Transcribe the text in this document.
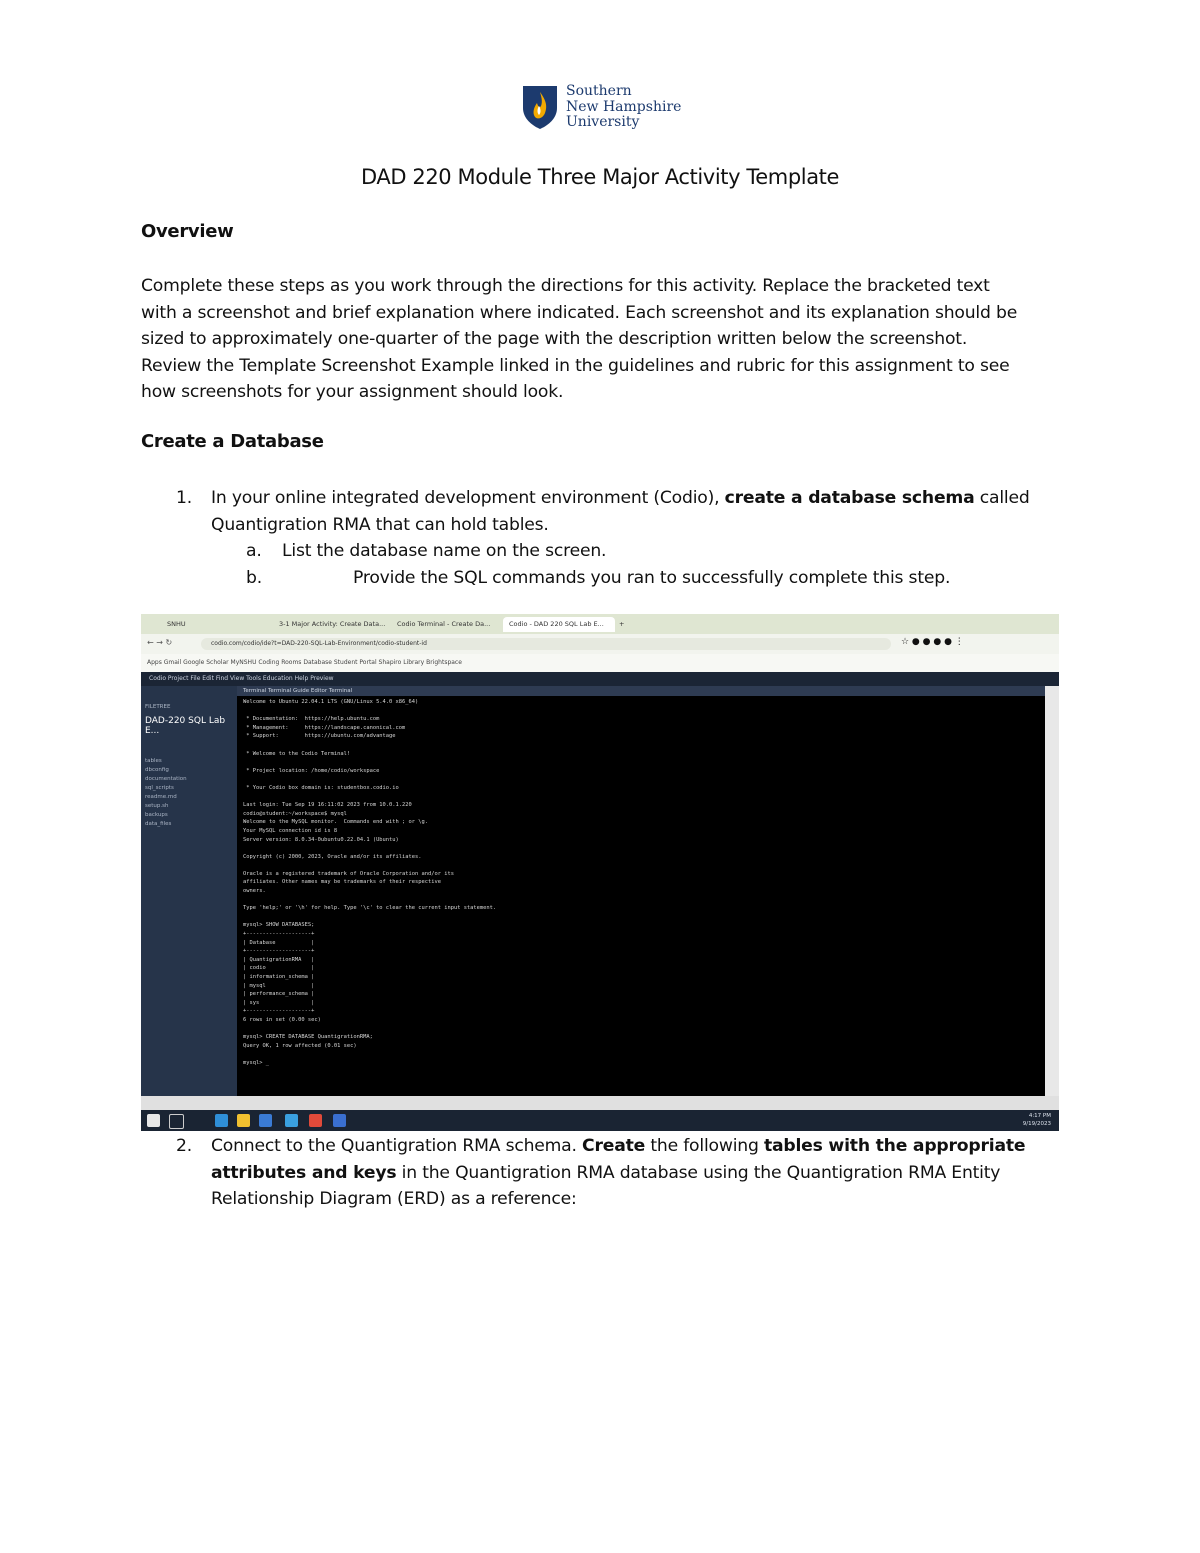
Southern
New Hampshire
University
DAD 220 Module Three Major Activity Template
Overview
Complete these steps as you work through the directions for this activity. Replace the bracketed text
with a screenshot and brief explanation where indicated. Each screenshot and its explanation should be
sized to approximately one-quarter of the page with the description written below the screenshot.
Review the Template Screenshot Example linked in the guidelines and rubric for this assignment to see
how screenshots for your assignment should look.
Create a Database
1. In your online integrated development environment (Codio), create a database schema called
Quantigration RMA that can hold tables.
a. List the database name on the screen.
b.	Provide the SQL commands you ran to successfully complete this step.
SNHU	3-1 Major Activity: Create Data...	Codio Terminal - Create Da...	Codio - DAD 220 SQL Lab E...	+
← → ↻	codio.com/codio/ide?t=DAD-220-SQL-Lab-Environment/codio-student-id	☆ ● ● ● ● ⋮
Apps Gmail Google Scholar MyNSHU Coding Rooms Database Student Portal Shapiro Library Brightspace
Codio Project File Edit Find View Tools Education Help Preview
FILETREE
DAD-220 SQL Lab E...
tables
dbconfig
documentation
sql_scripts
readme.md
setup.sh
backups
data_files
Terminal Terminal Guide Editor Terminal
Welcome to Ubuntu 22.04.1 LTS (GNU/Linux 5.4.0 x86_64)

* Documentation:  https://help.ubuntu.com
* Management:     https://landscape.canonical.com
* Support:        https://ubuntu.com/advantage

* Welcome to the Codio Terminal!

* Project location: /home/codio/workspace

* Your Codio box domain is: studentbox.codio.io

Last login: Tue Sep 19 16:11:02 2023 from 10.0.1.220
codio@student:~/workspace$ mysql
Welcome to the MySQL monitor.  Commands end with ; or \g.
Your MySQL connection id is 8
Server version: 8.0.34-0ubuntu0.22.04.1 (Ubuntu)

Copyright (c) 2000, 2023, Oracle and/or its affiliates.

Oracle is a registered trademark of Oracle Corporation and/or its
affiliates. Other names may be trademarks of their respective
owners.

Type 'help;' or '\h' for help. Type '\c' to clear the current input statement.

mysql> SHOW DATABASES;
+--------------------+
| Database           |
+--------------------+
| QuantigrationRMA   |
| codio              |
| information_schema |
| mysql              |
| performance_schema |
| sys                |
+--------------------+
6 rows in set (0.00 sec)

mysql> CREATE DATABASE QuantigrationRMA;
Query OK, 1 row affected (0.01 sec)

mysql> _
4:17 PM
9/19/2023
2. Connect to the Quantigration RMA schema. Create the following tables with the appropriate
attributes and keys in the Quantigration RMA database using the Quantigration RMA Entity
Relationship Diagram (ERD) as a reference:
